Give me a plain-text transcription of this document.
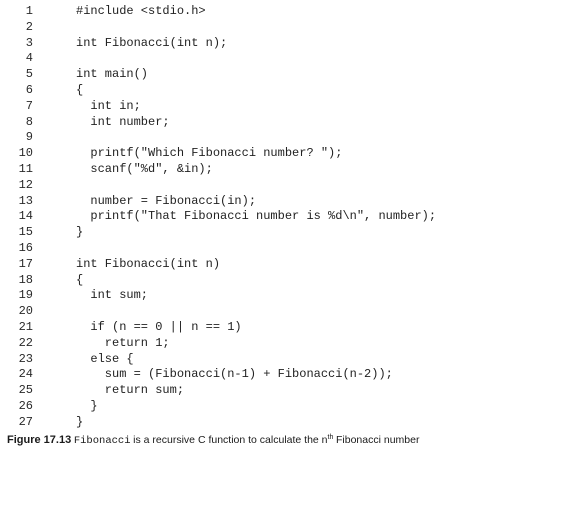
1	#include <stdio.h>
2
3	int Fibonacci(int n);
4
5	int main()
6	{
7	int in;
8	int number;
9
10	printf("Which Fibonacci number? ");
11	scanf("%d", &in);
12
13	number = Fibonacci(in);
14	printf("That Fibonacci number is %d\n", number);
15	}
16
17	int Fibonacci(int n)
18	{
19	int sum;
20
21	if (n == 0 || n == 1)
22	return 1;
23	else {
24	sum = (Fibonacci(n-1) + Fibonacci(n-2));
25	return sum;
26	}
27	}
Figure 17.13 Fibonacci is a recursive C function to calculate the $n^{th}$ Fibonacci number
